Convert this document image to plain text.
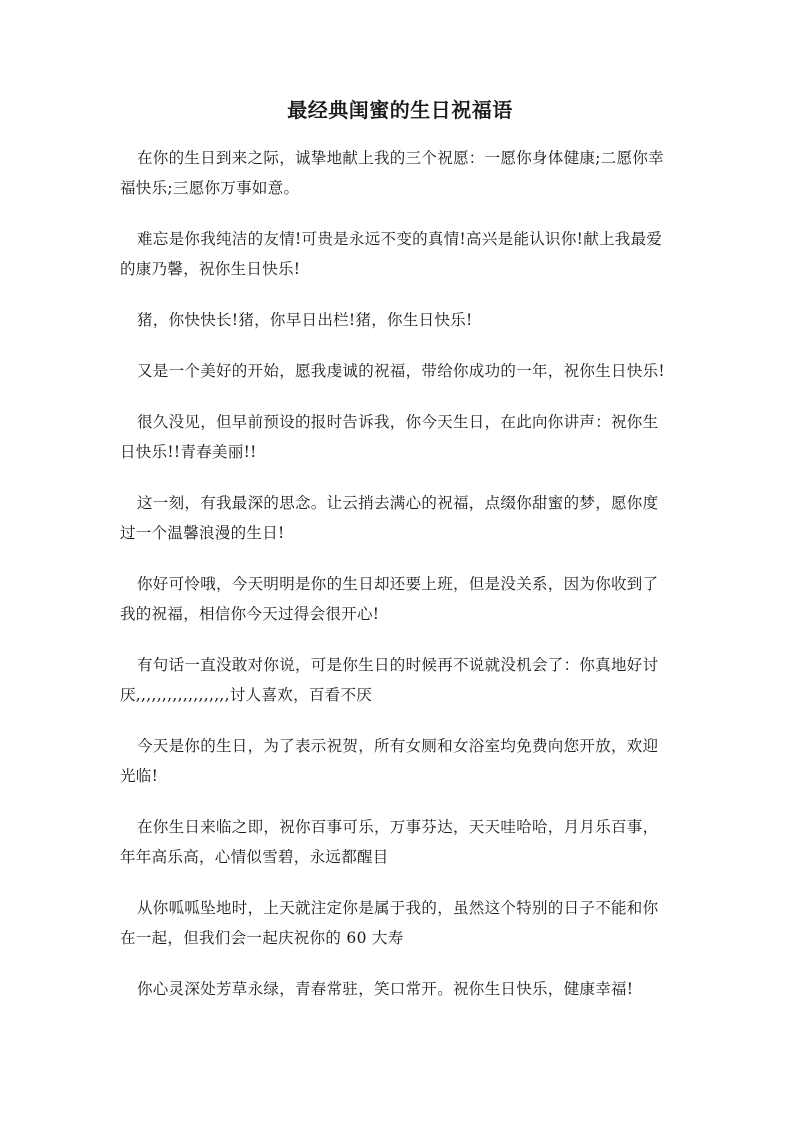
最经典闺蜜的生日祝福语

在你的生日到来之际，诚挚地献上我的三个祝愿：一愿你身体健康;二愿你幸
福快乐;三愿你万事如意。

难忘是你我纯洁的友情!可贵是永远不变的真情!高兴是能认识你!献上我最爱
的康乃馨，祝你生日快乐!

猪，你快快长!猪，你早日出栏!猪，你生日快乐!

又是一个美好的开始，愿我虔诚的祝福，带给你成功的一年，祝你生日快乐!

很久没见，但早前预设的报时告诉我，你今天生日，在此向你讲声：祝你生
日快乐!!青春美丽!!

这一刻，有我最深的思念。让云捎去满心的祝福，点缀你甜蜜的梦，愿你度
过一个温馨浪漫的生日!

你好可怜哦，今天明明是你的生日却还要上班，但是没关系，因为你收到了
我的祝福，相信你今天过得会很开心!

有句话一直没敢对你说，可是你生日的时候再不说就没机会了：你真地好讨
厌,,,,,,,,,,,,,,,,,,讨人喜欢，百看不厌

今天是你的生日，为了表示祝贺，所有女厕和女浴室均免费向您开放，欢迎
光临!

在你生日来临之即，祝你百事可乐，万事芬达，天天哇哈哈，月月乐百事，
年年高乐高，心情似雪碧，永远都醒目

从你呱呱坠地时，上天就注定你是属于我的，虽然这个特别的日子不能和你
在一起，但我们会一起庆祝你的 60 大寿

你心灵深处芳草永绿，青春常驻，笑口常开。祝你生日快乐，健康幸福!
